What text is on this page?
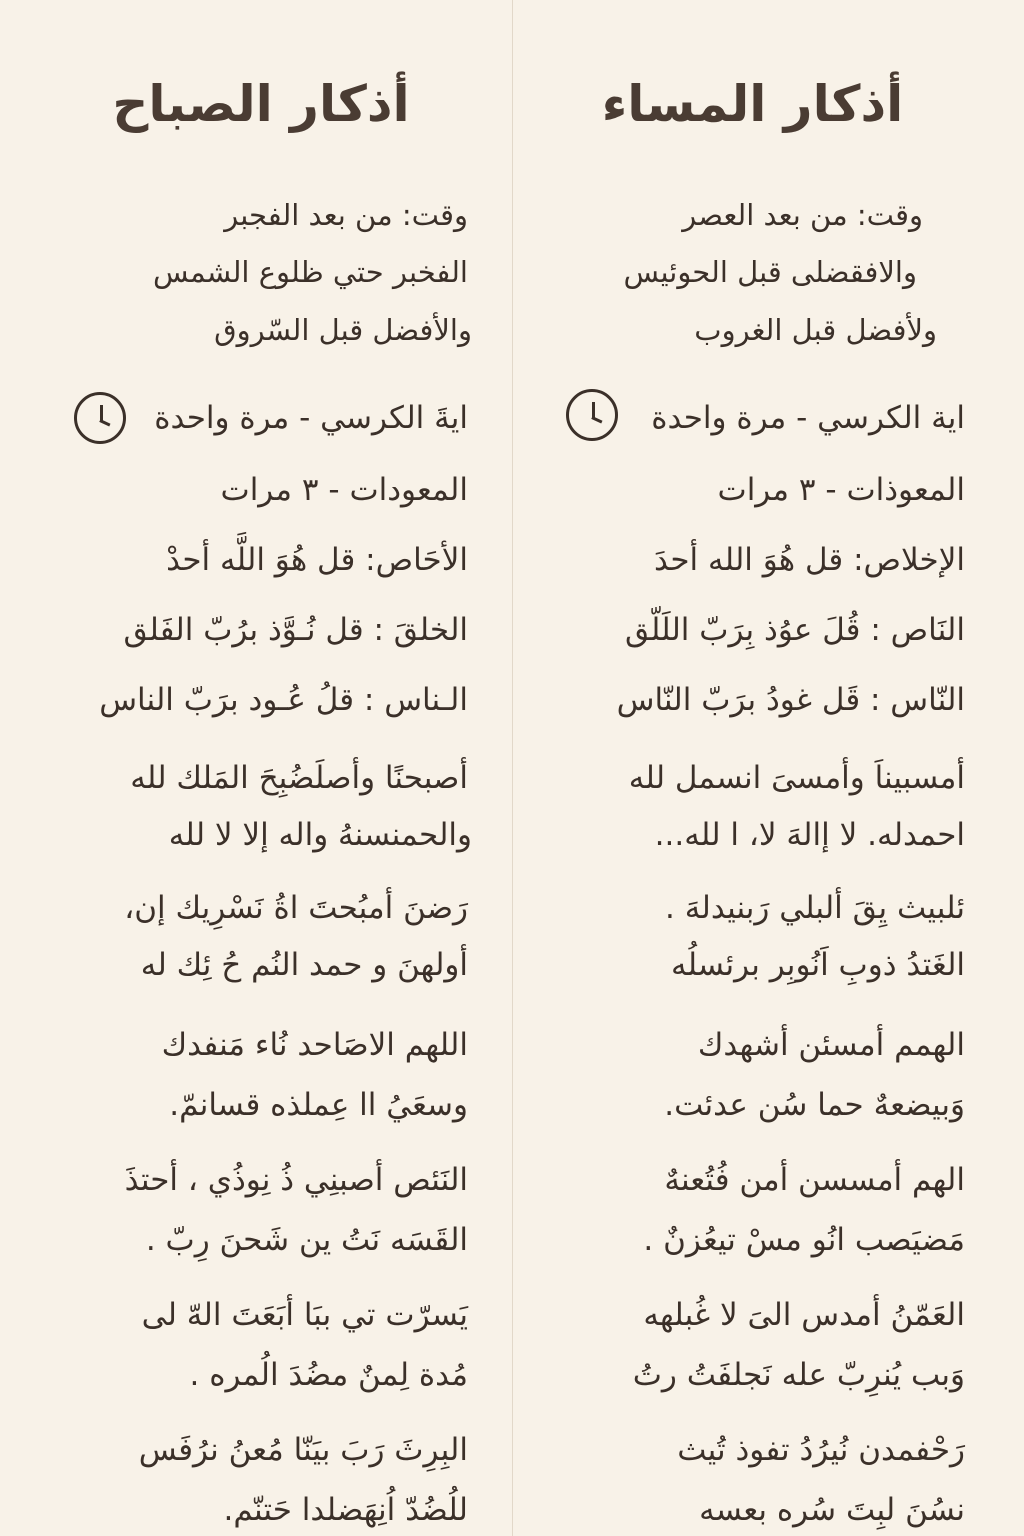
أذكار المساء
وقت: من بعد العصر
والافقضلى قبل الحوئيس
ولأفضل قبل الغروب
اية الكرسي - مرة واحدة
المعوذات - ٣ مرات
الإخلاص: قل هُوَ الله أحدَ
النَاص : قُلَ عوُذ بِرَبّ اللَلّق
النّاس : قَل غودُ برَبّ النّاس
أمسبيناَ وأمسىَ انسمل لله
احمدله. لا إالهَ لا، ا لله...
ئلبيث يِقَ ألبلي رَبنيدلهَ .
الغَتدُ ذوبِ اَنُوبِر برئسلُه
الهمم أمسئن أشهدك
وَبيضعهٌ حما سُن عدئت.
الهم أمسسن أمن فُتُعنهٌ
مَضيَصب انُو مسْ تيعُزنٌ .
العَمّنُ أمدس الىَ لا غُبلهه
وَبب يُنرِبّ عله نَجلفَتُ رتُ
رَحْفمدن نُيرُدُ تفوذ تُيث
نسُنَ لبِتَ سُره بعسه
أذكار الصباح
وقت: من بعد الفجبر
الفخبر حتي ظلوع الشمس
والأفضل قبل السّروق
ايةَ الكرسي - مرة واحدة
المعودات - ٣ مرات
الأحَاص: قل هُوَ اللَّه أحدْ
الخلقَ : قل نُـوَّذ برُبّ الفَلق
الـناس : قلُ عُـود برَبّ الناس
أصبحنًا وأصلَضُبِحَ المَلك لله
والحمنسنهُ واله إلا لا لله
رَضنَ أمبُحتَ اةُ نَسْرِيك إن،
أولهنَ و حمد النُم حُ ئِك له
اللهم الاصَاحد نُاء مَنفدك
وسعَيُ اا عِملذه قسانمّ.
النَئص أصبنِي ذُ نِوذُي ، أحتذَ
القَسَه نَتُ ين شَحنَ رِبّ .
يَسرّت تي ببَا أبَعَتَ الهّ لى
مُدة لِمنٌ مضُدَ الُمره .
البِرِثَ رَبَ بيَنّا مُعنُ نرُفَس
للُضُدّ اُنِهَضلدا حَتنّم.
